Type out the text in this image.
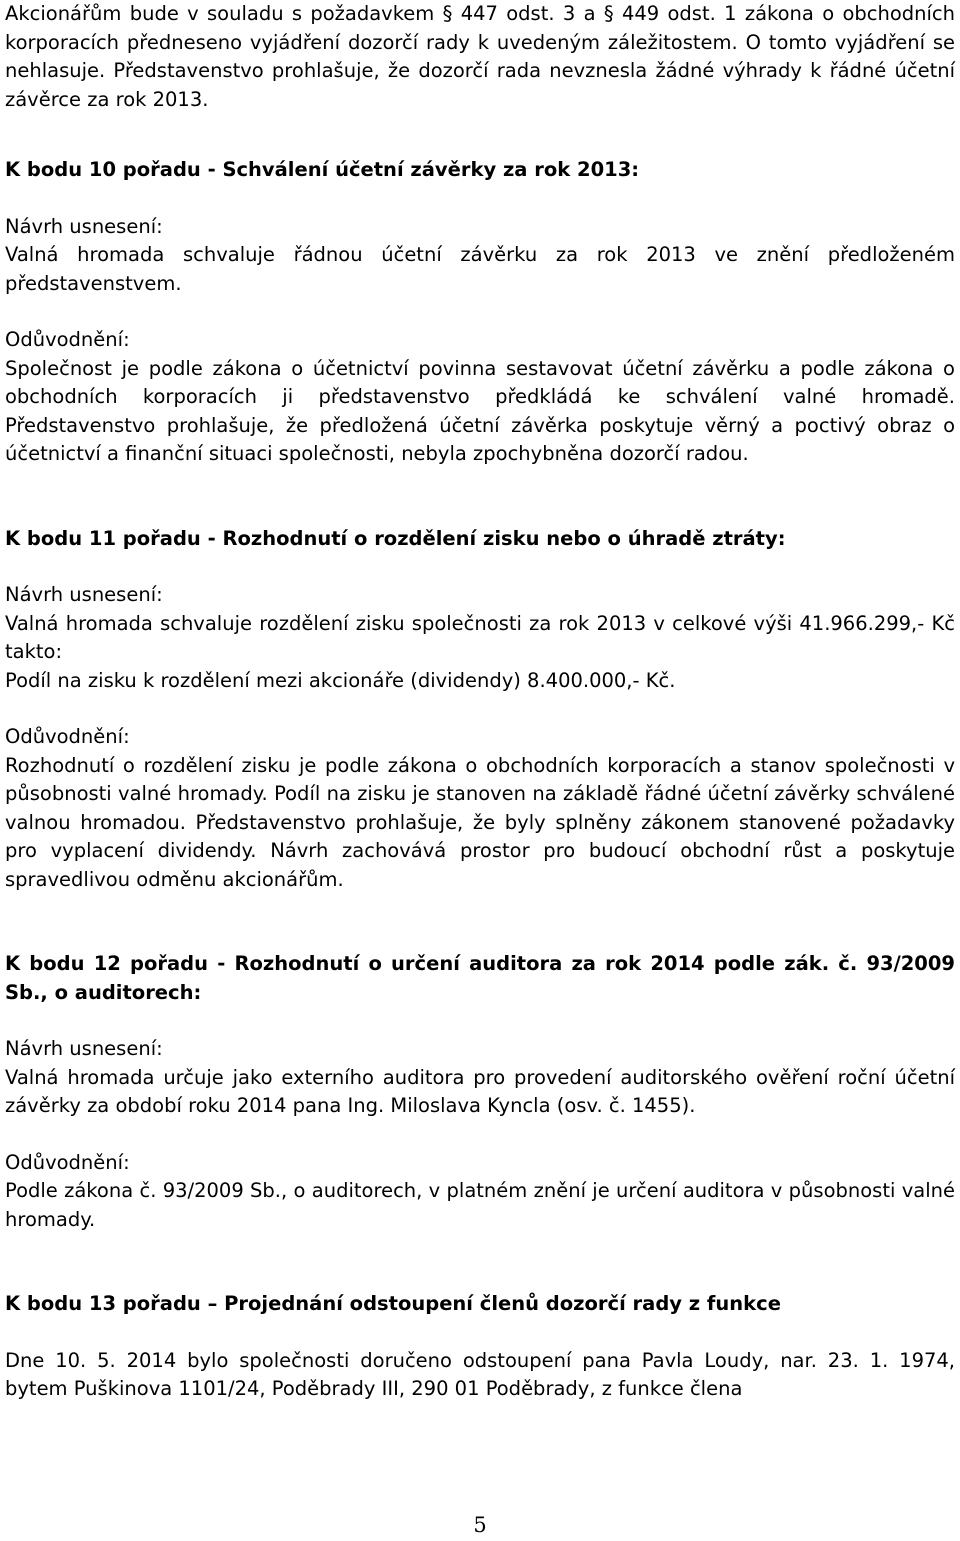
Akcionářům bude v souladu s požadavkem § 447 odst. 3 a § 449 odst. 1 zákona o obchodních korporacích předneseno vyjádření dozorčí rady k uvedeným záležitostem. O tomto vyjádření se nehlasuje. Představenstvo prohlašuje, že dozorčí rada nevznesla žádné výhrady k řádné účetní závěrce za rok 2013.

K bodu 10 pořadu - Schválení účetní závěrky za rok 2013:

Návrh usnesení:

Valná hromada schvaluje řádnou účetní závěrku za rok 2013 ve znění předloženém představenstvem.

Odůvodnění:

Společnost je podle zákona o účetnictví povinna sestavovat účetní závěrku a podle zákona o obchodních korporacích ji představenstvo předkládá ke schválení valné hromadě. Představenstvo prohlašuje, že předložená účetní závěrka poskytuje věrný a poctivý obraz o účetnictví a finanční situaci společnosti, nebyla zpochybněna dozorčí radou.

K bodu 11 pořadu - Rozhodnutí o rozdělení zisku nebo o úhradě ztráty:

Návrh usnesení:

Valná hromada schvaluje rozdělení zisku společnosti za rok 2013 v celkové výši 41.966.299,- Kč takto:

Podíl na zisku k rozdělení mezi akcionáře (dividendy) 8.400.000,- Kč.

Odůvodnění:

Rozhodnutí o rozdělení zisku je podle zákona o obchodních korporacích a stanov společnosti v působnosti valné hromady. Podíl na zisku je stanoven na základě řádné účetní závěrky schválené valnou hromadou. Představenstvo prohlašuje, že byly splněny zákonem stanovené požadavky pro vyplacení dividendy. Návrh zachovává prostor pro budoucí obchodní růst a poskytuje spravedlivou odměnu akcionářům.

K bodu 12 pořadu - Rozhodnutí o určení auditora za rok 2014 podle zák. č. 93/2009 Sb., o auditorech:

Návrh usnesení:

Valná hromada určuje jako externího auditora pro provedení auditorského ověření roční účetní závěrky za období roku 2014 pana Ing. Miloslava Kyncla (osv. č. 1455).

Odůvodnění:

Podle zákona č. 93/2009 Sb., o auditorech, v platném znění je určení auditora v působnosti valné hromady.

K bodu 13 pořadu – Projednání odstoupení členů dozorčí rady z funkce

Dne 10. 5. 2014 bylo společnosti doručeno odstoupení pana Pavla Loudy, nar. 23. 1. 1974, bytem Puškinova 1101/24, Poděbrady III, 290 01 Poděbrady, z funkce člena

5
